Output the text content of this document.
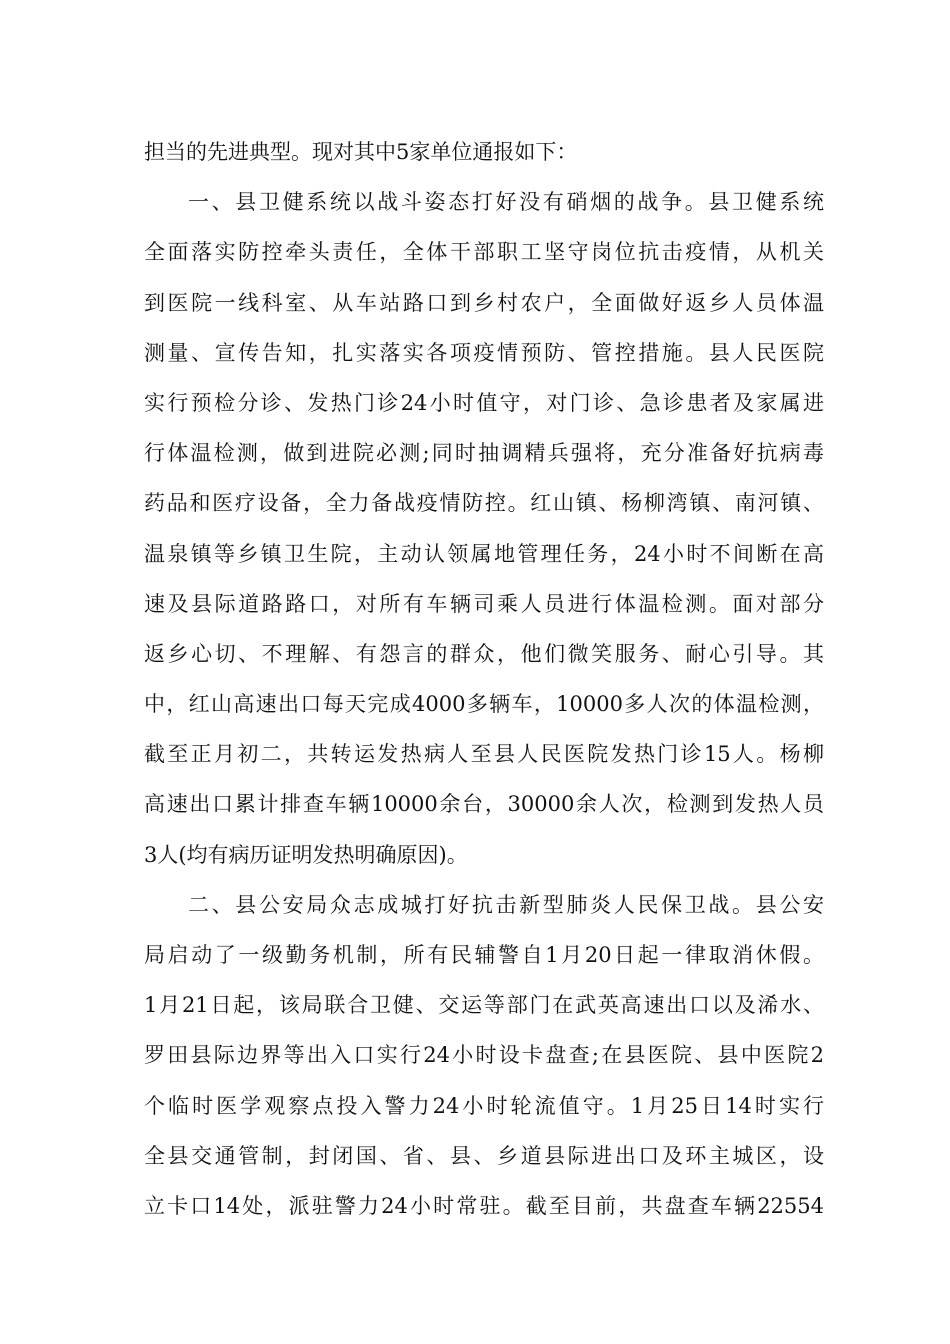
担当的先进典型。现对其中5家单位通报如下：
一、县卫健系统以战斗姿态打好没有硝烟的战争。县卫健系统
全面落实防控牵头责任，全体干部职工坚守岗位抗击疫情，从机关
到医院一线科室、从车站路口到乡村农户，全面做好返乡人员体温
测量、宣传告知，扎实落实各项疫情预防、管控措施。县人民医院
实行预检分诊、发热门诊24小时值守，对门诊、急诊患者及家属进
行体温检测，做到进院必测;同时抽调精兵强将，充分准备好抗病毒
药品和医疗设备，全力备战疫情防控。红山镇、杨柳湾镇、南河镇、
温泉镇等乡镇卫生院，主动认领属地管理任务，24小时不间断在高
速及县际道路路口，对所有车辆司乘人员进行体温检测。面对部分
返乡心切、不理解、有怨言的群众，他们微笑服务、耐心引导。其
中，红山高速出口每天完成4000多辆车，10000多人次的体温检测，
截至正月初二，共转运发热病人至县人民医院发热门诊15人。杨柳
高速出口累计排查车辆10000余台，30000余人次，检测到发热人员
3人(均有病历证明发热明确原因)。
二、县公安局众志成城打好抗击新型肺炎人民保卫战。县公安
局启动了一级勤务机制，所有民辅警自1月20日起一律取消休假。
1月21日起，该局联合卫健、交运等部门在武英高速出口以及浠水、
罗田县际边界等出入口实行24小时设卡盘查;在县医院、县中医院2
个临时医学观察点投入警力24小时轮流值守。1月25日14时实行
全县交通管制，封闭国、省、县、乡道县际进出口及环主城区，设
立卡口14处，派驻警力24小时常驻。截至目前，共盘查车辆22554
